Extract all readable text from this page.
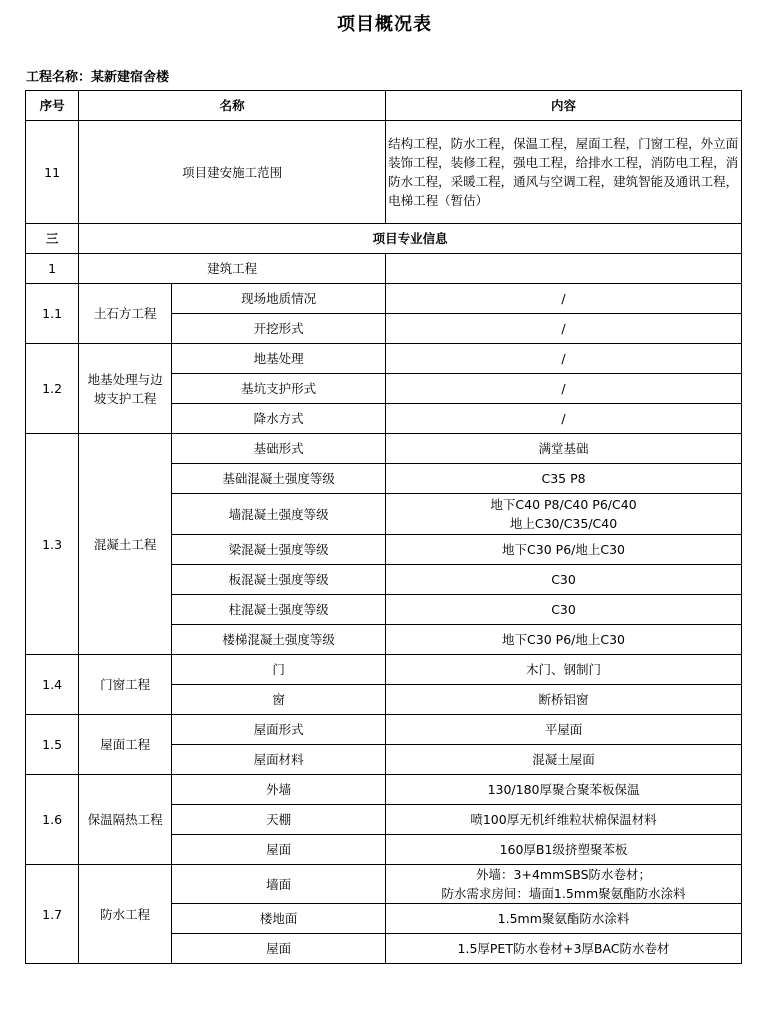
项目概况表
工程名称：某新建宿舍楼
序号	名称		内容
11	项目建安施工范围		结构工程，防水工程，保温工程，屋面工程，门窗工程，外立面装饰工程，装修工程，强电工程，给排水工程，消防电工程，消防水工程，采暖工程，通风与空调工程，建筑智能及通讯工程，电梯工程（暂估）
三	项目专业信息		
1	建筑工程		
1.1	土石方工程	现场地质情况	/
		开挖形式	/
1.2	地基处理与边坡支护工程	地基处理	/
		基坑支护形式	/
		降水方式	/
1.3	混凝土工程	基础形式	满堂基础
		基础混凝土强度等级	C35 P8
		墙混凝土强度等级	地下C40 P8/C40 P6/C40
地上C30/C35/C40
		梁混凝土强度等级	地下C30 P6/地上C30
		板混凝土强度等级	C30
		柱混凝土强度等级	C30
		楼梯混凝土强度等级	地下C30 P6/地上C30
1.4	门窗工程	门	木门、钢制门
		窗	断桥铝窗
1.5	屋面工程	屋面形式	平屋面
		屋面材料	混凝土屋面
1.6	保温隔热工程	外墙	130/180厚聚合聚苯板保温
		天棚	喷100厚无机纤维粒状棉保温材料
		屋面	160厚B1级挤塑聚苯板
1.7	防水工程	墙面	外墙：3+4mmSBS防水卷材；
防水需求房间：墙面1.5mm聚氨酯防水涂料
		楼地面	1.5mm聚氨酯防水涂料
		屋面	1.5厚PET防水卷材+3厚BAC防水卷材
